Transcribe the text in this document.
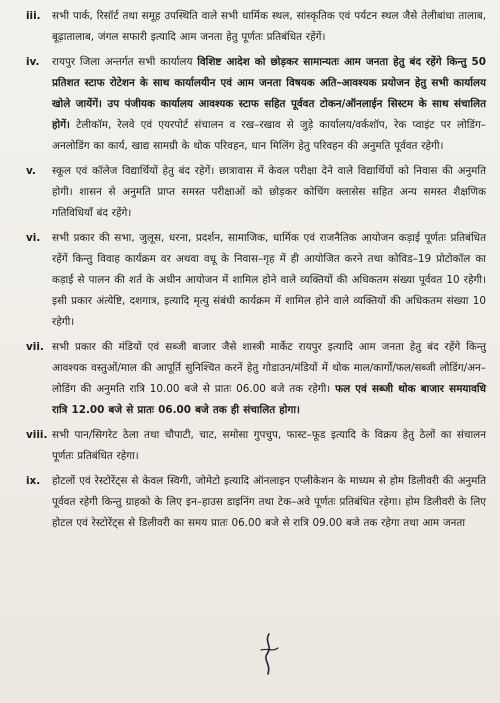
iii.	सभी पार्क, रिसॉर्ट तथा समूह उपस्थिति वाले सभी धार्मिक स्थल, सांस्कृतिक एवं पर्यटन स्थल जैसे तेलीबांधा तालाब, बूढ़ातालाब, जंगल सफारी इत्यादि आम जनता हेतु पूर्णतः प्रतिबंधित रहेंगें।
iv.	रायपुर जिला अन्तर्गत सभी कार्यालय विशिष्ट आदेश को छोड़कर सामान्यतः आम जनता हेतु बंद रहेंगे किन्तु 50 प्रतिशत स्टाफ रोटेशन के साथ कार्यालयीन एवं आम जनता विषयक अति–आवश्यक प्रयोजन हेतु सभी कार्यालय खोले जायेंगें। उप पंजीयक कार्यालय आवश्यक स्टाफ सहित पूर्ववत टोकन/ऑनलाईन सिस्टम के साथ संचालित होगें। टेलीकॉम, रेलवे एवं एयरपोर्ट संचालन व रख–रखाव से जुड़े कार्यालय/वर्कशॉप, रेक प्वाइंट पर लोडिंग–अनलोडिंग का कार्य, खाद्य सामग्री के थोक परिवहन, धान मिलिंग हेतु परिवहन की अनुमति पूर्ववत रहेगी।
v.	स्कूल एवं कॉलेज विद्यार्थियों हेतु बंद रहेगें। छात्रावास में केवल परीक्षा देने वाले विद्यार्थियों को निवास की अनुमति होगी। शासन से अनुमति प्राप्त समस्त परीक्षाओं को छोड़कर कोचिंग क्लासेस सहित अन्य समस्त शैक्षणिक गतिविधियाँ बंद रहेंगे।
vi.	सभी प्रकार की सभा, जुलूस, धरना, प्रदर्शन, सामाजिक, धार्मिक एवं राजनैतिक आयोजन कड़ाई पूर्णतः प्रतिबंधित रहेंगें किन्तु विवाह कार्यक्रम वर अथवा वधू के निवास–गृह में ही आयोजित करने तथा कोविड–19 प्रोटोकॉल का कड़ाई से पालन की शर्त के अधीन आयोजन में शामिल होने वाले व्यक्तियों की अधिकतम संख्या पूर्ववत 10 रहेगी। इसी प्रकार अंत्येष्टि, दशगात्र, इत्यादि मृत्यु संबंधी कार्यक्रम में शामिल होने वाले व्यक्तियों की अधिकतम संख्या 10 रहेगी।
vii. सभी प्रकार की मंडियों एवं सब्जी बाजार जैसे शास्त्री मार्केट रायपुर इत्यादि आम जनता हेतु बंद रहेंगे किन्तु आवश्यक वस्तुओं/माल की आपूर्ति सुनिश्चित करनें हेतु गोडाउन/मंडियों में थोक माल/कार्गो/फल/सब्जी लोडिंग/अन–लोडिंग की अनुमति रात्रि 10.00 बजे से प्रातः 06.00 बजे तक रहेगी। फल एवं सब्जी थोक बाजार समयावधि रात्रि 12.00 बजे से प्रातः 06.00 बजे तक ही संचालित होगा।
viii. सभी पान/सिगरेट ठेला तथा चौपाटी, चाट, समोसा गुपचुप, फास्ट–फूड इत्यादि के विक्रय हेतु ठेलों का संचालन पूर्णतः प्रतिबंधित रहेगा।
ix.	होटलों एवं रेस्टोरेंट्स से केवल स्विगी, जोमेटो इत्यादि ऑनलाइन एप्लीकेशन के माध्यम से होम डिलीवरी की अनुमति पूर्ववत रहेगी किन्तु ग्राहको के लिए इन–हाउस डाइनिंग तथा टेक–अवे पूर्णतः प्रतिबंधित रहेगा। होम डिलीवरी के लिए होटल एवं रेस्टोरेंट्स से डिलीवरी का समय प्रातः 06.00 बजे से रात्रि 09.00 बजे तक रहेगा तथा आम जनता
